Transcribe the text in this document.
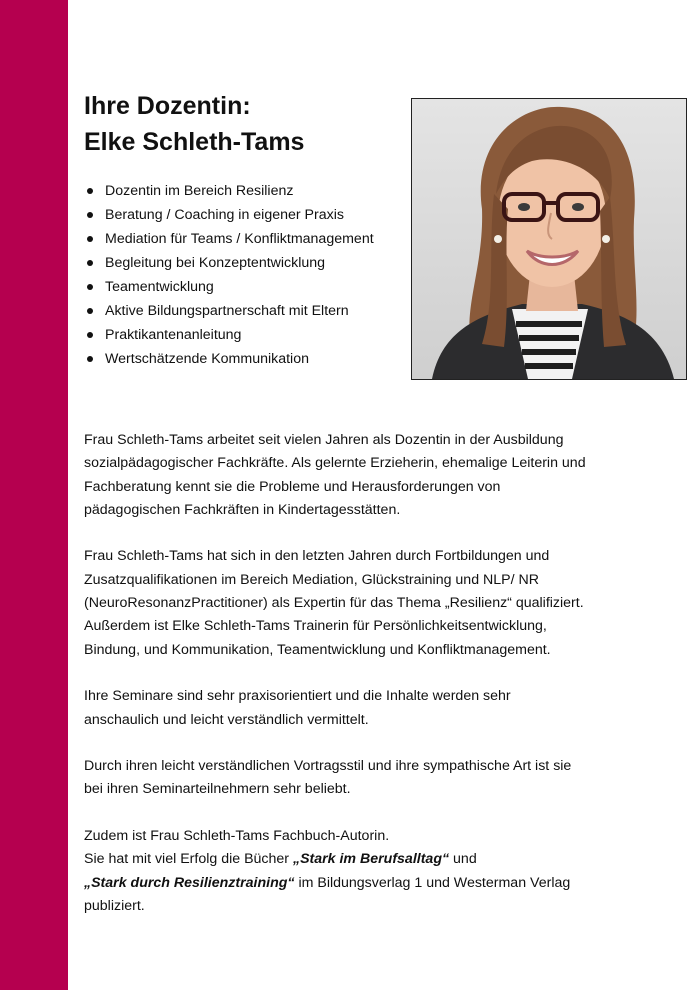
Ihre Dozentin:
Elke Schleth-Tams
Dozentin im Bereich Resilienz
Beratung / Coaching in eigener Praxis
Mediation für Teams / Konfliktmanagement
Begleitung bei Konzeptentwicklung
Teamentwicklung
Aktive Bildungspartnerschaft mit Eltern
Praktikantenanleitung
Wertschätzende Kommunikation

Frau Schleth-Tams arbeitet seit vielen Jahren als Dozentin in der Ausbildung
sozialpädagogischer Fachkräfte. Als gelernte Erzieherin, ehemalige Leiterin und
Fachberatung kennt sie die Probleme und Herausforderungen von
pädagogischen Fachkräften in Kindertagesstätten.

Frau Schleth-Tams hat sich in den letzten Jahren durch Fortbildungen und
Zusatzqualifikationen im Bereich Mediation, Glückstraining und NLP/ NR
(NeuroResonanzPractitioner) als Expertin für das Thema „Resilienz“ qualifiziert.
Außerdem ist Elke Schleth-Tams Trainerin für Persönlichkeitsentwicklung,
Bindung, und Kommunikation, Teamentwicklung und Konfliktmanagement.

Ihre Seminare sind sehr praxisorientiert und die Inhalte werden sehr
anschaulich und leicht verständlich vermittelt.

Durch ihren leicht verständlichen Vortragsstil und ihre sympathische Art ist sie
bei ihren Seminarteilnehmern sehr beliebt.

Zudem ist Frau Schleth-Tams Fachbuch-Autorin.
Sie hat mit viel Erfolg die Bücher „Stark im Berufsalltag“ und
„Stark durch Resilienztraining“ im Bildungsverlag 1 und Westerman Verlag
publiziert.
